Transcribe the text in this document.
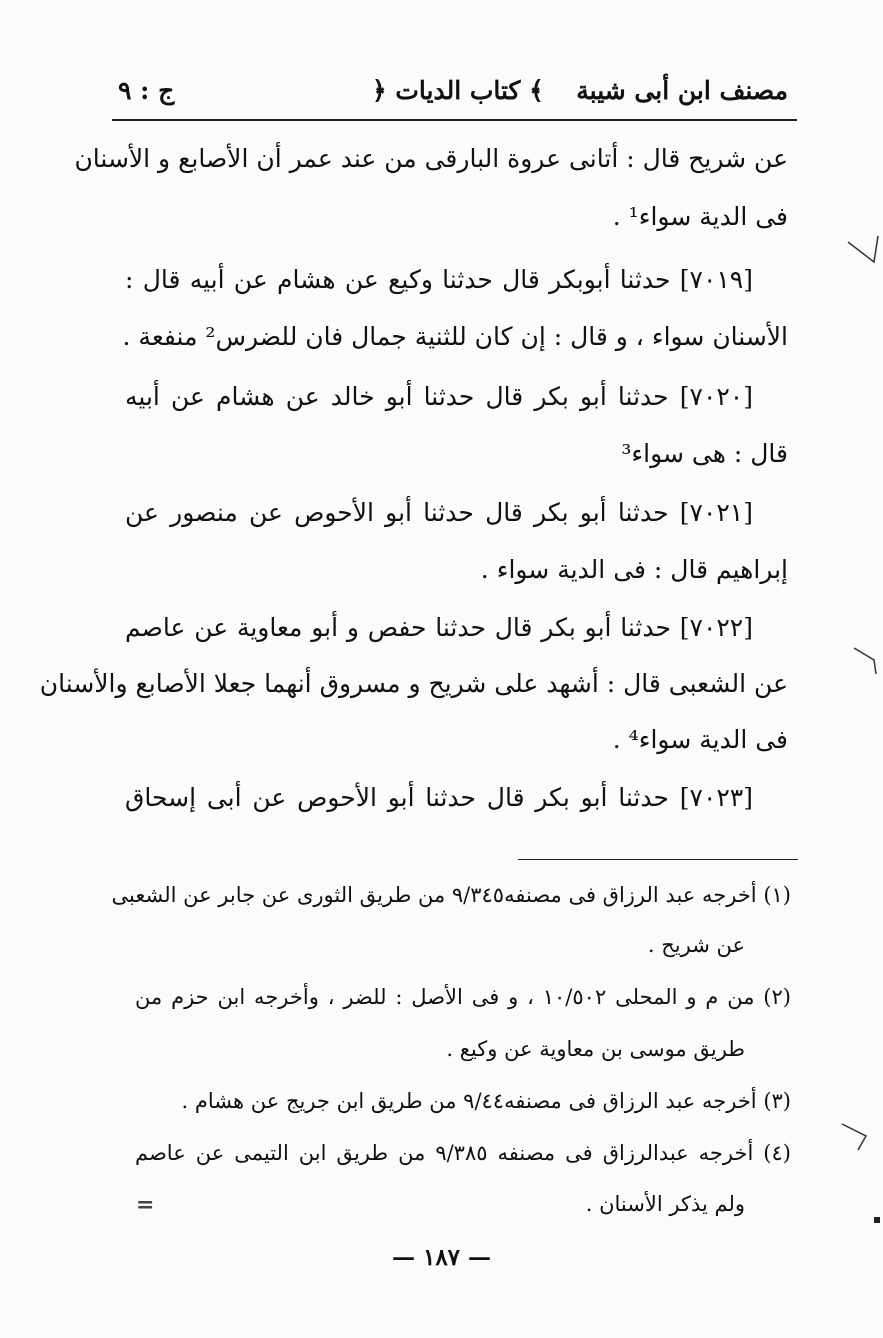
مصنف ابن أبى شيبة
﴿ كتاب الديات ﴾
ج : ٩
عن شريح قال : أتانى عروة البارقى من عند عمر أن الأصابع و الأسنان
فى الدية سواء¹ .
[٧٠١٩] حدثنا أبوبكر قال حدثنا وكيع عن هشام عن أبيه قال :
الأسنان سواء ، و قال : إن كان للثنية جمال فان للضرس² منفعة .
[٧٠٢٠] حدثنا أبو بكر قال حدثنا أبو خالد عن هشام عن أبيه
قال : هى سواء³
[٧٠٢١] حدثنا أبو بكر قال حدثنا أبو الأحوص عن منصور عن
إبراهيم قال : فى الدية سواء .
[٧٠٢٢] حدثنا أبو بكر قال حدثنا حفص و أبو معاوية عن عاصم
عن الشعبى قال : أشهد على شريح و مسروق أنهما جعلا الأصابع والأسنان
فى الدية سواء⁴ .
[٧٠٢٣] حدثنا أبو بكر قال حدثنا أبو الأحوص عن أبى إسحاق
(١) أخرجه عبد الرزاق فى مصنفه٩/٣٤٥ من طريق الثورى عن جابر عن الشعبى
عن شريح .
(٢) من م و المحلى ١٠/٥٠٢ ، و فى الأصل : للضر ، وأخرجه ابن حزم من
طريق موسى بن معاوية عن وكيع .
(٣) أخرجه عبد الرزاق فى مصنفه٩/٤٤ من طريق ابن جريج عن هشام .
(٤) أخرجه عبدالرزاق فى مصنفه ٩/٣٨٥ من طريق ابن التيمى عن عاصم
ولم يذكر الأسنان .
=
— ١٨٧ —
